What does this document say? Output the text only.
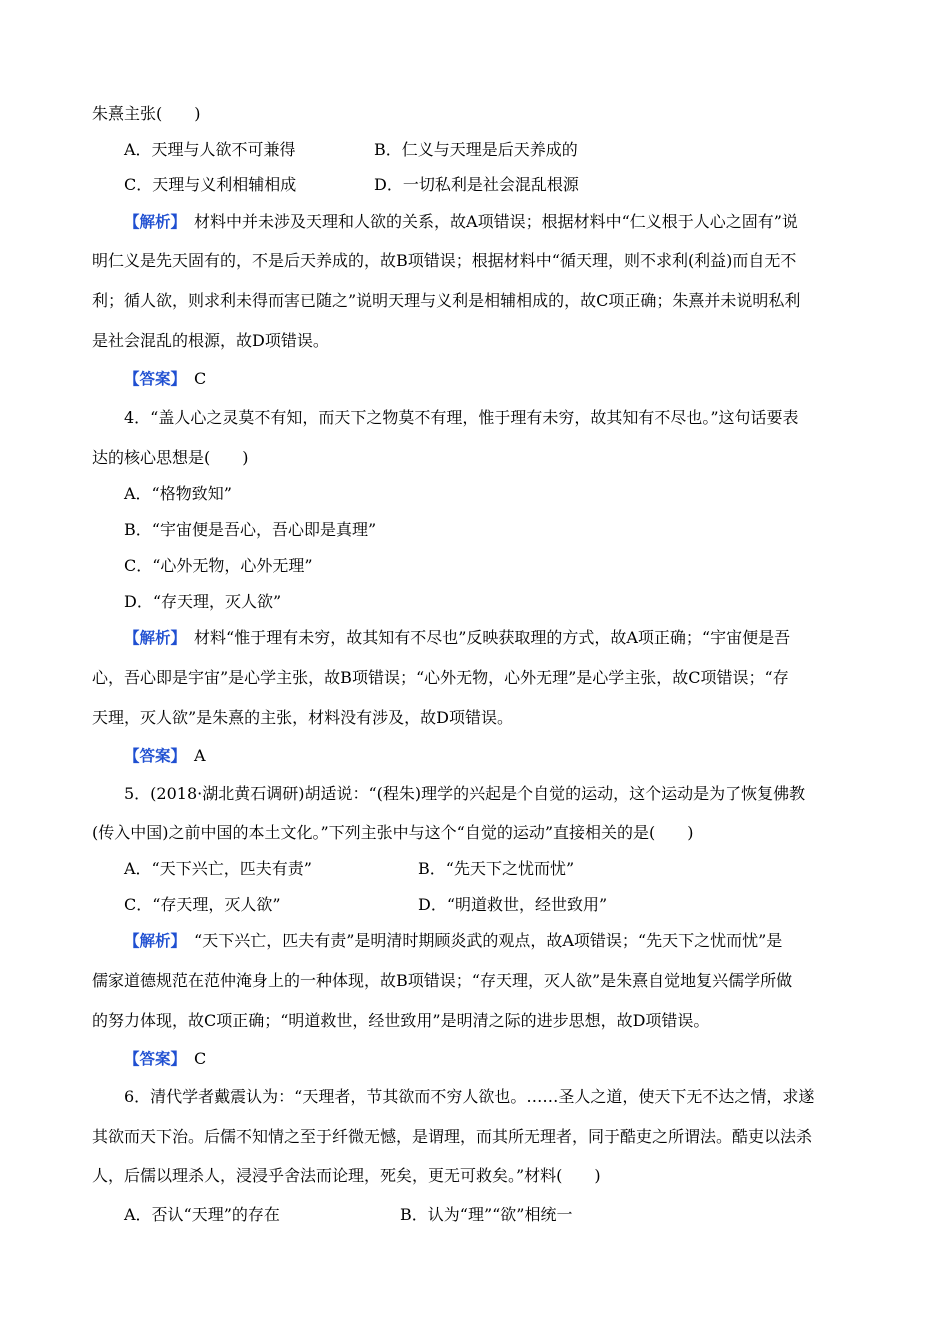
朱熹主张(　　)
A．天理与人欲不可兼得	B．仁义与天理是后天养成的
C．天理与义利相辅相成	D．一切私利是社会混乱根源
【解析】 材料中并未涉及天理和人欲的关系，故A项错误；根据材料中“仁义根于人心之固有”说
明仁义是先天固有的，不是后天养成的，故B项错误；根据材料中“循天理，则不求利(利益)而自无不
利；循人欲，则求利未得而害已随之”说明天理与义利是相辅相成的，故C项正确；朱熹并未说明私利
是社会混乱的根源，故D项错误。
【答案】 C
4．“盖人心之灵莫不有知，而天下之物莫不有理，惟于理有未穷，故其知有不尽也。”这句话要表
达的核心思想是(　　)
A．“格物致知”
B．“宇宙便是吾心，吾心即是真理”
C．“心外无物，心外无理”
D．“存天理，灭人欲”
【解析】 材料“惟于理有未穷，故其知有不尽也”反映获取理的方式，故A项正确；“宇宙便是吾
心，吾心即是宇宙”是心学主张，故B项错误；“心外无物，心外无理”是心学主张，故C项错误；“存
天理，灭人欲”是朱熹的主张，材料没有涉及，故D项错误。
【答案】 A
5．(2018·湖北黄石调研)胡适说：“(程朱)理学的兴起是个自觉的运动，这个运动是为了恢复佛教
(传入中国)之前中国的本土文化。”下列主张中与这个“自觉的运动”直接相关的是(　　)
A．“天下兴亡，匹夫有责”	B．“先天下之忧而忧”
C．“存天理，灭人欲”	D．“明道救世，经世致用”
【解析】 “天下兴亡，匹夫有责”是明清时期顾炎武的观点，故A项错误；“先天下之忧而忧”是
儒家道德规范在范仲淹身上的一种体现，故B项错误；“存天理，灭人欲”是朱熹自觉地复兴儒学所做
的努力体现，故C项正确；“明道救世，经世致用”是明清之际的进步思想，故D项错误。
【答案】 C
6．清代学者戴震认为：“天理者，节其欲而不穷人欲也。……圣人之道，使天下无不达之情，求遂
其欲而天下治。后儒不知情之至于纤微无憾，是谓理，而其所无理者，同于酷吏之所谓法。酷吏以法杀
人，后儒以理杀人，浸浸乎舍法而论理，死矣，更无可救矣。”材料(　　)
A．否认“天理”的存在	B．认为“理”“欲”相统一
